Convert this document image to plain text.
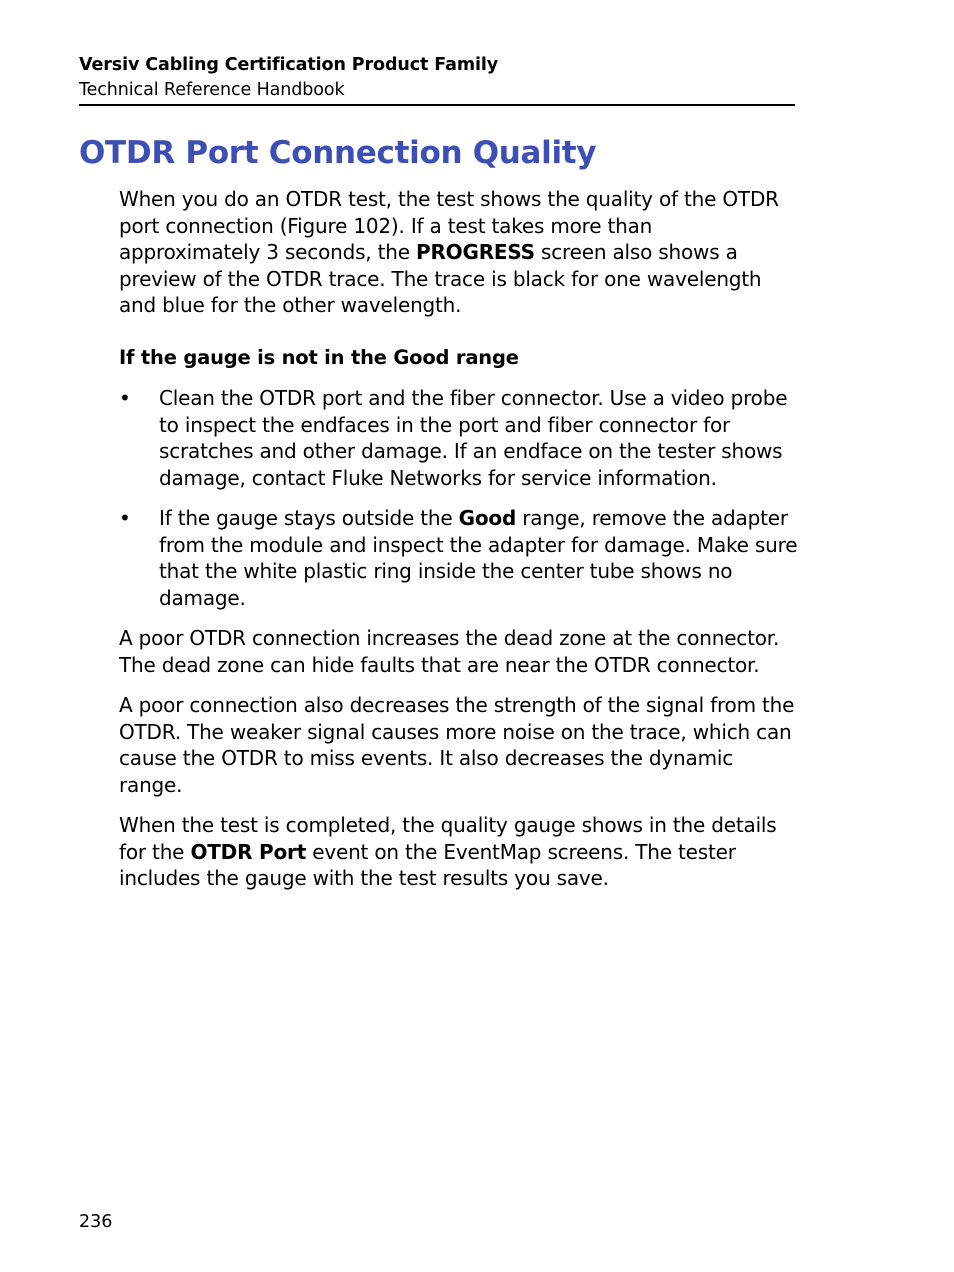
Versiv Cabling Certification Product Family
Technical Reference Handbook
OTDR Port Connection Quality

When you do an OTDR test, the test shows the quality of the OTDR port connection (Figure 102). If a test takes more than approximately 3 seconds, the PROGRESS screen also shows a preview of the OTDR trace. The trace is black for one wavelength and blue for the other wavelength.

If the gauge is not in the Good range

• Clean the OTDR port and the fiber connector. Use a video probe to inspect the endfaces in the port and fiber connector for scratches and other damage. If an endface on the tester shows damage, contact Fluke Networks for service information.
• If the gauge stays outside the Good range, remove the adapter from the module and inspect the adapter for damage. Make sure that the white plastic ring inside the center tube shows no damage.

A poor OTDR connection increases the dead zone at the connector. The dead zone can hide faults that are near the OTDR connector.

A poor connection also decreases the strength of the signal from the OTDR. The weaker signal causes more noise on the trace, which can cause the OTDR to miss events. It also decreases the dynamic range.

When the test is completed, the quality gauge shows in the details for the OTDR Port event on the EventMap screens. The tester includes the gauge with the test results you save.

236
